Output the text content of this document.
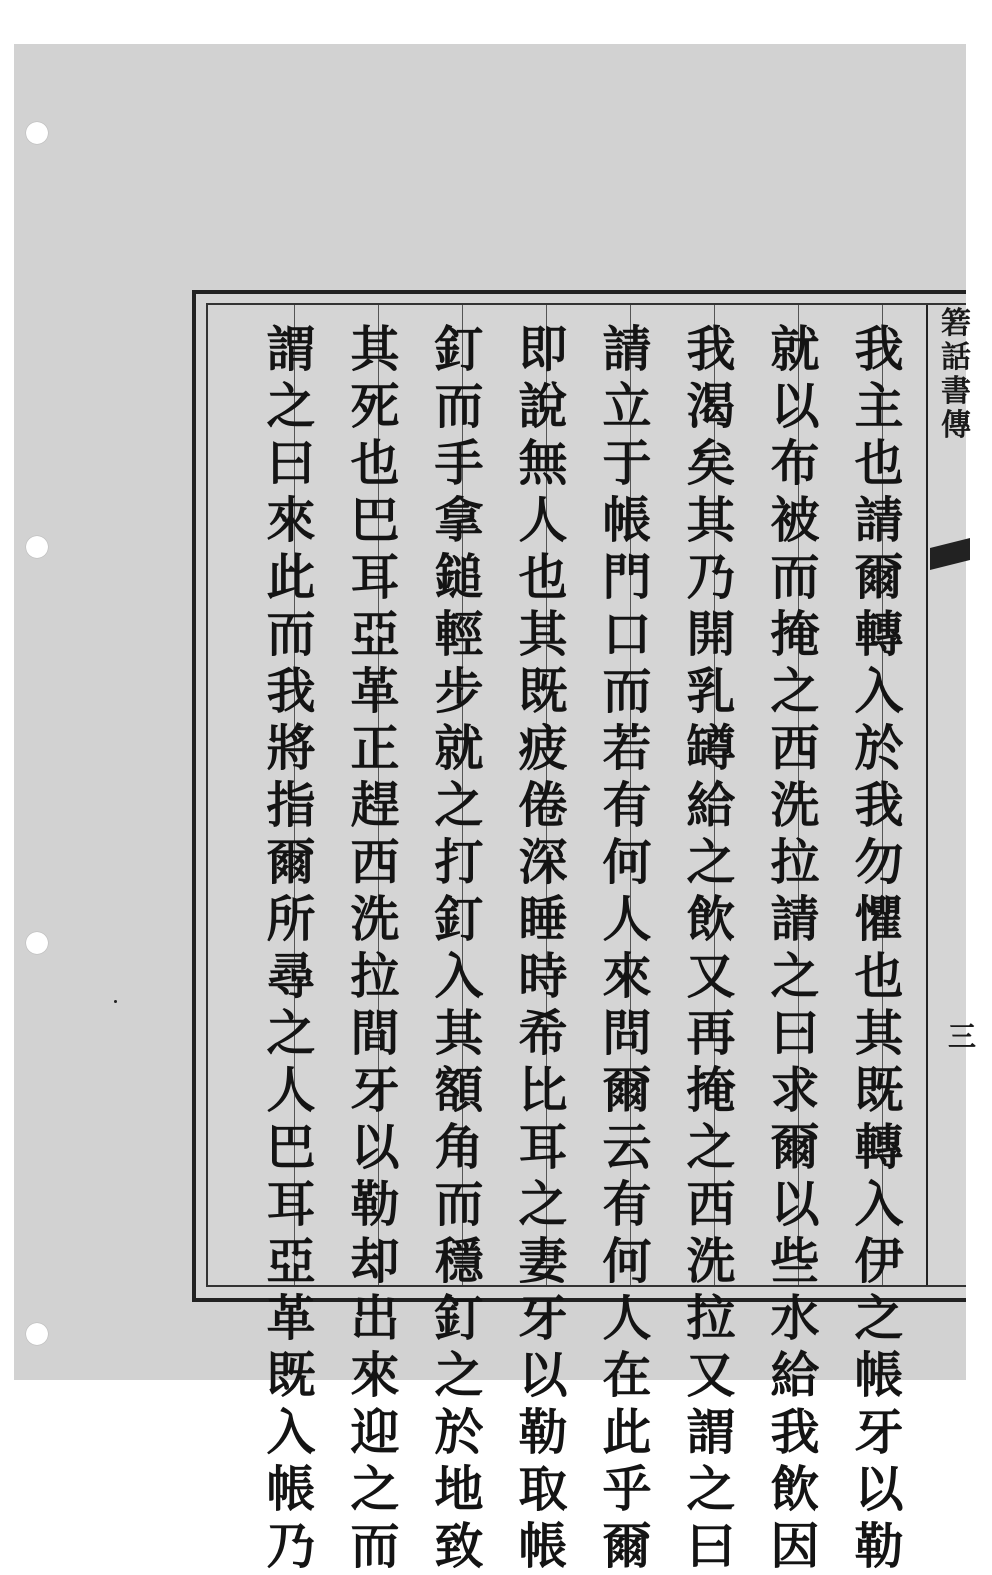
我
主
也
請
爾
轉
入
於
我
勿
懼
也
其
既
轉
入
伊
之
帳
牙
以
勒
就
以
布
被
而
掩
之
西
洗
拉
請
之
曰
求
爾
以
些
水
給
我
飲
因
我
渴
矣
其
乃
開
乳
罇
給
之
飲
又
再
掩
之
西
洗
拉
又
謂
之
曰
請
立
于
帳
門
口
而
若
有
何
人
來
問
爾
云
有
何
人
在
此
乎
爾
即
說
無
人
也
其
既
疲
倦
深
睡
時
希
比
耳
之
妻
牙
以
勒
取
帳
釘
而
手
拿
鎚
輕
步
就
之
打
釘
入
其
額
角
而
穩
釘
之
於
地
致
其
死
也
巴
耳
亞
革
正
趕
西
洗
拉
間
牙
以
勒
却
出
來
迎
之
而
謂
之
曰
來
此
而
我
將
指
爾
所
尋
之
人
巴
耳
亞
革
既
入
帳
乃
箬
話
書
傳
三
